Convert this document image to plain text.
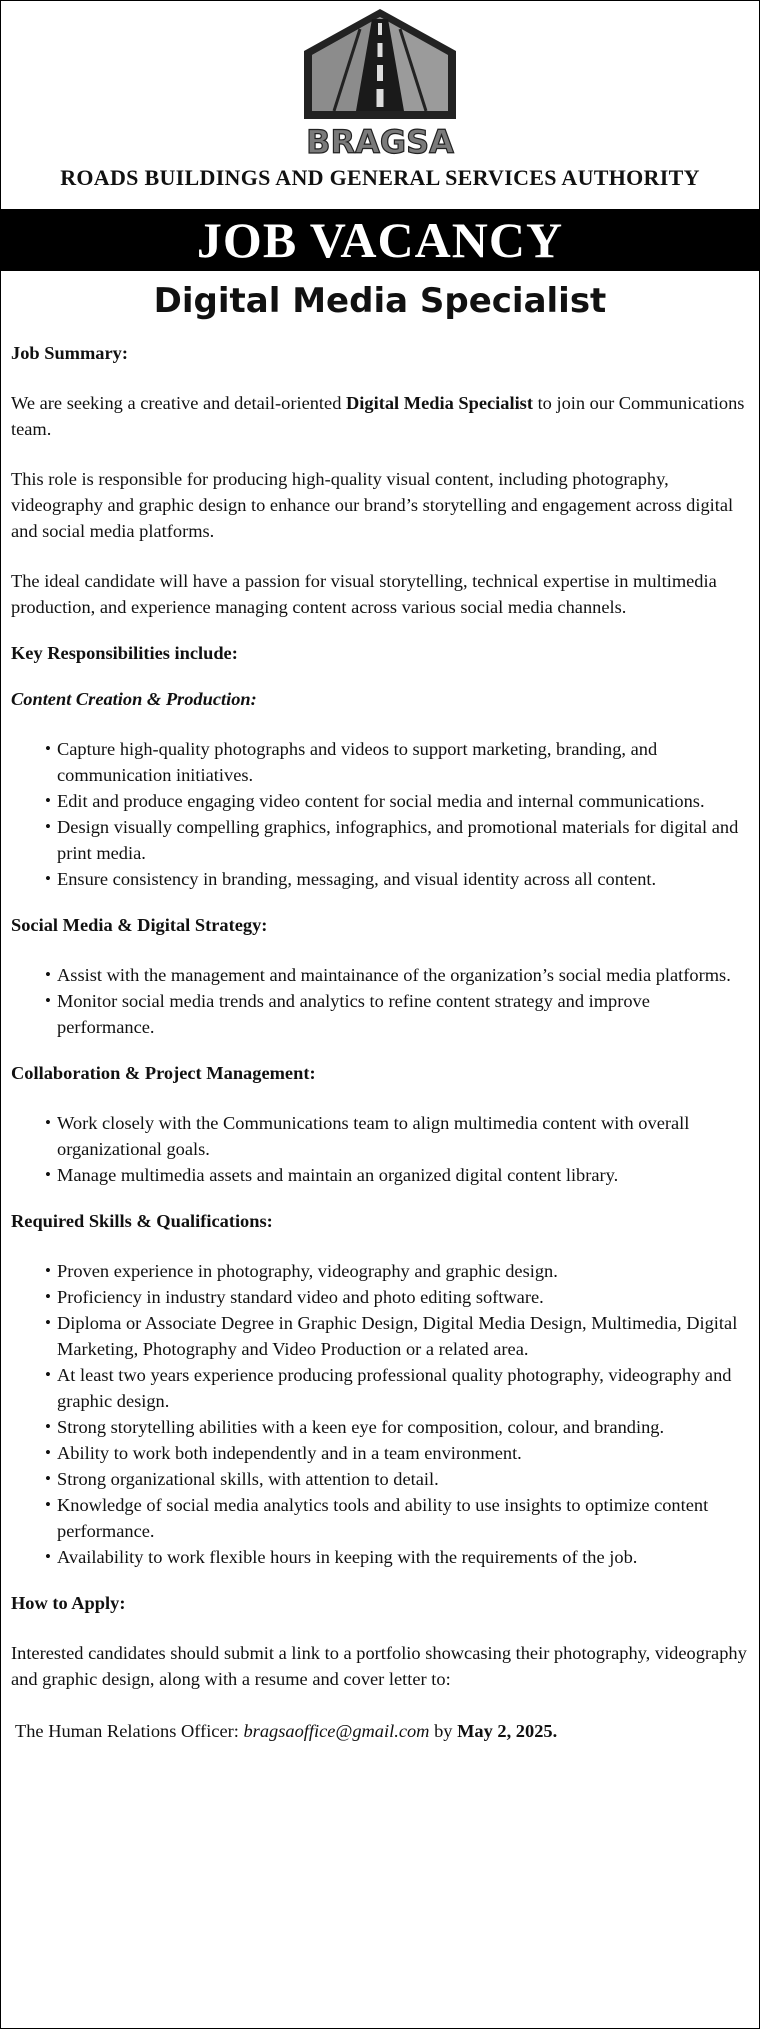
BRAGSA
ROADS BUILDINGS AND GENERAL SERVICES AUTHORITY
JOB VACANCY
Digital Media Specialist

Job Summary:

We are seeking a creative and detail-oriented Digital Media Specialist to join our Communications team.

This role is responsible for producing high-quality visual content, including photography, videography and graphic design to enhance our brand’s storytelling and engagement across digital and social media platforms.

The ideal candidate will have a passion for visual storytelling, technical expertise in multimedia production, and experience managing content across various social media channels.

Key Responsibilities include:

Content Creation & Production:

• Capture high-quality photographs and videos to support marketing, branding, and communication initiatives.
• Edit and produce engaging video content for social media and internal communications.
• Design visually compelling graphics, infographics, and promotional materials for digital and print media.
• Ensure consistency in branding, messaging, and visual identity across all content.

Social Media & Digital Strategy:

• Assist with the management and maintainance of the organization’s social media platforms.
• Monitor social media trends and analytics to refine content strategy and improve performance.

Collaboration & Project Management:

• Work closely with the Communications team to align multimedia content with overall organizational goals.
• Manage multimedia assets and maintain an organized digital content library.

Required Skills & Qualifications:

• Proven experience in photography, videography and graphic design.
• Proficiency in industry standard video and photo editing software.
• Diploma or Associate Degree in Graphic Design, Digital Media Design, Multimedia, Digital Marketing, Photography and Video Production or a related area.
• At least two years experience producing professional quality photography, videography and graphic design.
• Strong storytelling abilities with a keen eye for composition, colour, and branding.
• Ability to work both independently and in a team environment.
• Strong organizational skills, with attention to detail.
• Knowledge of social media analytics tools and ability to use insights to optimize content performance.
• Availability to work flexible hours in keeping with the requirements of the job.

How to Apply:

Interested candidates should submit a link to a portfolio showcasing their photography, videography and graphic design, along with a resume and cover letter to:

The Human Relations Officer: bragsaoffice@gmail.com by May 2, 2025.
